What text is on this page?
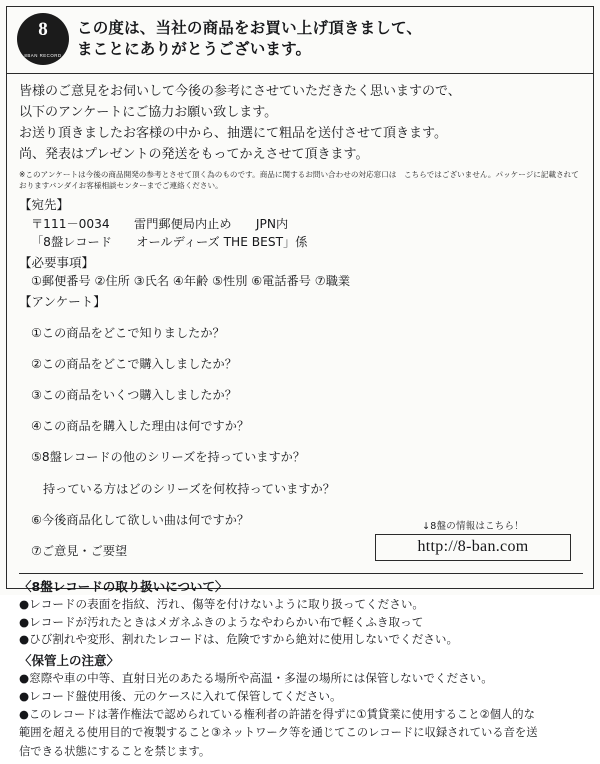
8
8BAN RECORD
この度は、当社の商品をお買い上げ頂きまして、
まことにありがとうございます。

皆様のご意見をお伺いして今後の参考にさせていただきたく思いますので、

以下のアンケートにご協力お願い致します。

お送り頂きましたお客様の中から、抽選にて粗品を送付させて頂きます。

尚、発表はプレゼントの発送をもってかえさせて頂きます。

※このアンケートは今後の商品開発の参考とさせて頂く為のものです。商品に関するお問い合わせの対応窓口は　こちらではございません。パッケージに記載されておりますバンダイお客様相談センターまでご連絡ください。

【宛先】

〒111－0034　　雷門郵便局内止め　　JPN内

「8盤レコード　　オールディーズ THE BEST」係

【必要事項】

①郵便番号 ②住所 ③氏名 ④年齢 ⑤性別 ⑥電話番号 ⑦職業

【アンケート】

①この商品をどこで知りましたか？

②この商品をどこで購入しましたか？

③この商品をいくつ購入しましたか？

④この商品を購入した理由は何ですか？

⑤8盤レコードの他のシリーズを持っていますか？

持っている方はどのシリーズを何枚持っていますか？

⑥今後商品化して欲しい曲は何ですか？

⑦ご意見・ご要望

↓8盤の情報はこちら！
http://8-ban.com

〈8盤レコードの取り扱いについて〉

●レコードの表面を指紋、汚れ、傷等を付けないように取り扱ってください。

●レコードが汚れたときはメガネふきのようなやわらかい布で軽くふき取って

●ひび割れや変形、割れたレコードは、危険ですから絶対に使用しないでください。

〈保管上の注意〉

●窓際や車の中等、直射日光のあたる場所や高温・多湿の場所には保管しないでください。

●レコード盤使用後、元のケースに入れて保管してください。

●このレコードは著作権法で認められている権利者の許諾を得ずに①賃貸業に使用すること②個人的な

範囲を超える使用目的で複製すること③ネットワーク等を通じてこのレコードに収録されている音を送

信できる状態にすることを禁じます。
